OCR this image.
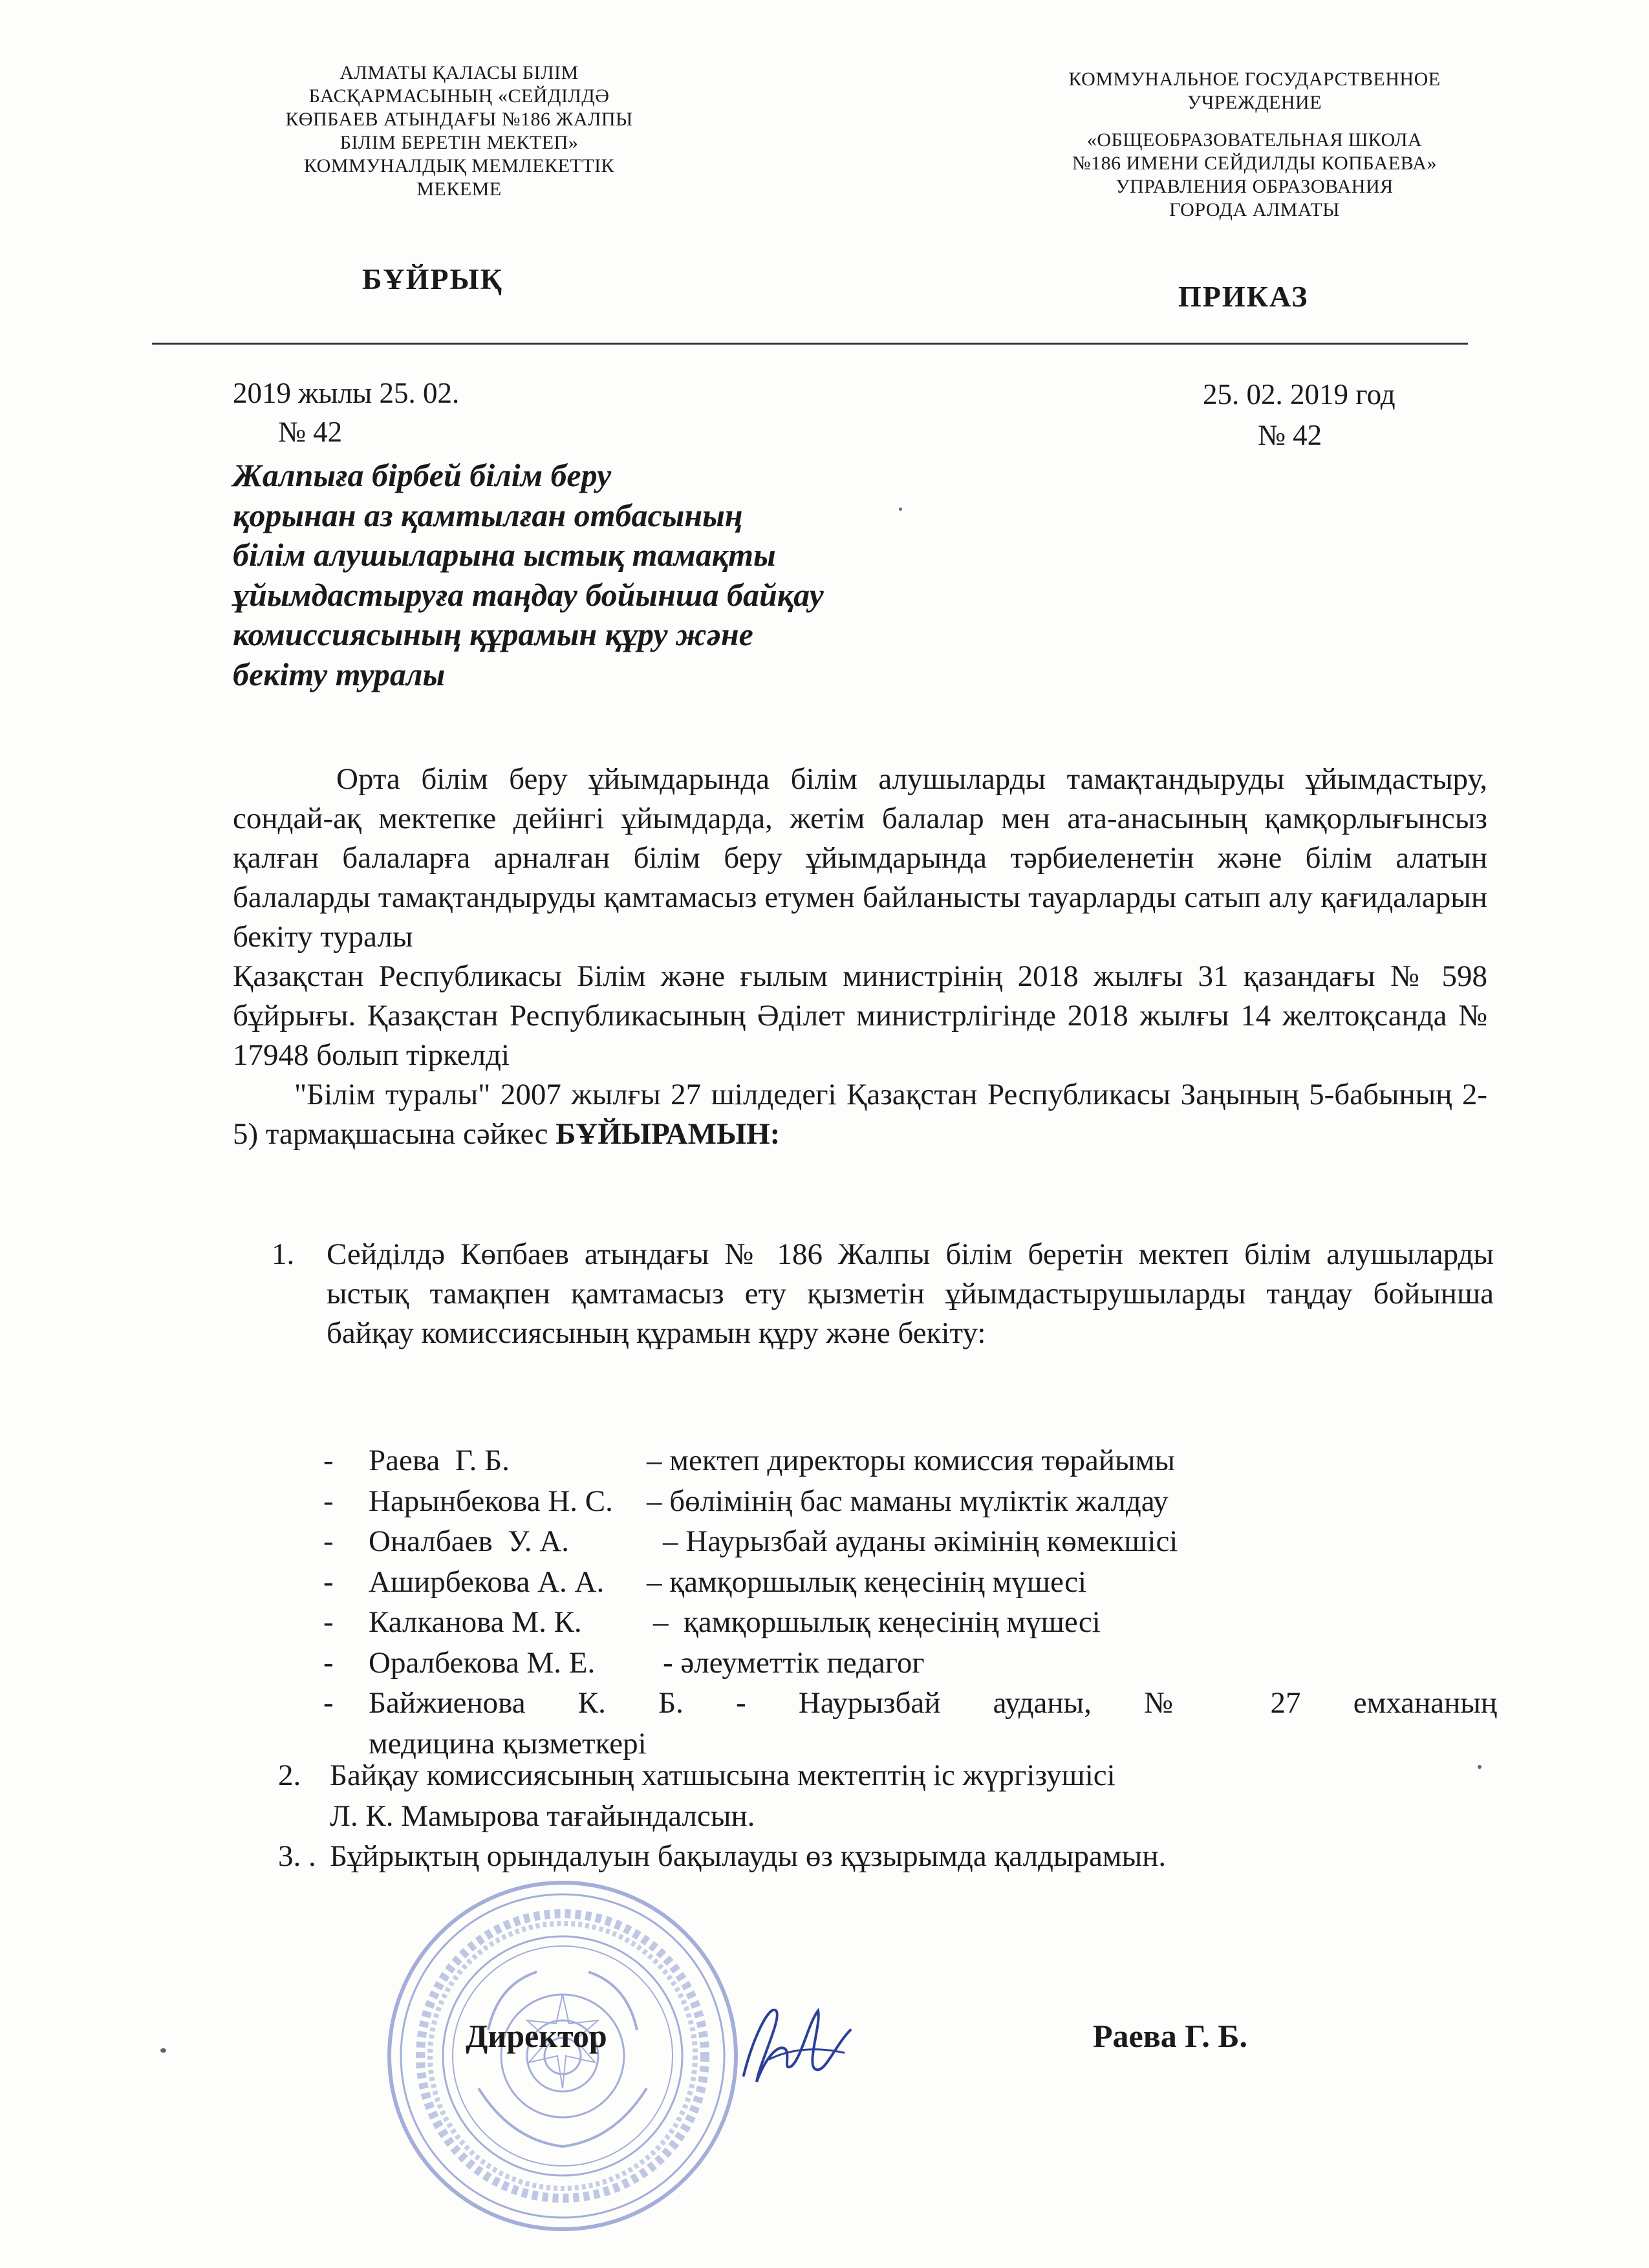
АЛМАТЫ ҚАЛАСЫ БІЛІМ
БАСҚАРМАСЫНЫҢ «СЕЙДІЛДӘ
КӨПБАЕВ АТЫНДАҒЫ №186 ЖАЛПЫ
БІЛІМ БЕРЕТІН МЕКТЕП»
КОММУНАЛДЫҚ МЕМЛЕКЕТТІК
МЕКЕМЕ
КОММУНАЛЬНОЕ ГОСУДАРСТВЕННОЕ
УЧРЕЖДЕНИЕ
«ОБЩЕОБРАЗОВАТЕЛЬНАЯ ШКОЛА
№186 ИМЕНИ СЕЙДИЛДЫ КОПБАЕВА»
УПРАВЛЕНИЯ ОБРАЗОВАНИЯ
ГОРОДА АЛМАТЫ
БҰЙРЫҚ
ПРИКАЗ
2019 жылы 25. 02.
№ 42
25. 02. 2019 год
№ 42
Жалпыға бірбей білім беру
қорынан аз қамтылған отбасының
білім алушыларына ыстық тамақты
ұйымдастыруға таңдау бойынша байқау
комиссиясының құрамын құру және
бекіту туралы

Орта білім беру ұйымдарында білім алушыларды тамақтандыруды ұйымдастыру, сондай-ақ мектепке дейінгі ұйымдарда, жетім балалар мен ата-анасының қамқорлығынсыз қалған балаларға арналған білім беру ұйымдарында тәрбиеленетін және білім алатын балаларды тамақтандыруды қамтамасыз етумен байланысты тауарларды сатып алу қағидаларын бекіту туралы

Қазақстан Республикасы Білім және ғылым министрінің 2018 жылғы 31 қазандағы № 598 бұйрығы. Қазақстан Республикасының Әділет министрлігінде 2018 жылғы 14 желтоқсанда № 17948 болып тіркелді

"Білім туралы" 2007 жылғы 27 шілдедегі Қазақстан Республикасы Заңының 5-бабының 2-5) тармақшасына сәйкес БҰЙЫРАМЫН:

1.	Сейділдә Көпбаев атындағы № 186 Жалпы білім беретін мектеп білім алушыларды ыстық тамақпен қамтамасыз ету қызметін ұйымдастырушыларды таңдау бойынша байқау комиссиясының құрамын құру және бекіту:
-	Раева  Г. Б.	– мектеп директоры комиссия төрайымы
-	Нарынбекова Н. С.	– бөлімінің бас маманы мүліктік жалдау
-	Оналбаев  У. А.	– Наурызбай ауданы әкімінің көмекшісі
-	Аширбекова А. А.	– қамқоршылық кеңесінің мүшесі
-	Калканова М. К.	–  қамқоршылық кеңесінің мүшесі
-	Оралбекова М. Е.	- әлеуметтік педагог
-	Байжиенова К. Б. - Наурызбай ауданы, № 27 емхананың
медицина қызметкері
2. Байқау комиссиясының хатшысына мектептің іс жүргізушісі
Л. К. Мамырова тағайындалсын.
3. . Бұйрықтың орындалуын бақылауды өз құзырымда қалдырамын.
Директор	Раева Г. Б.
